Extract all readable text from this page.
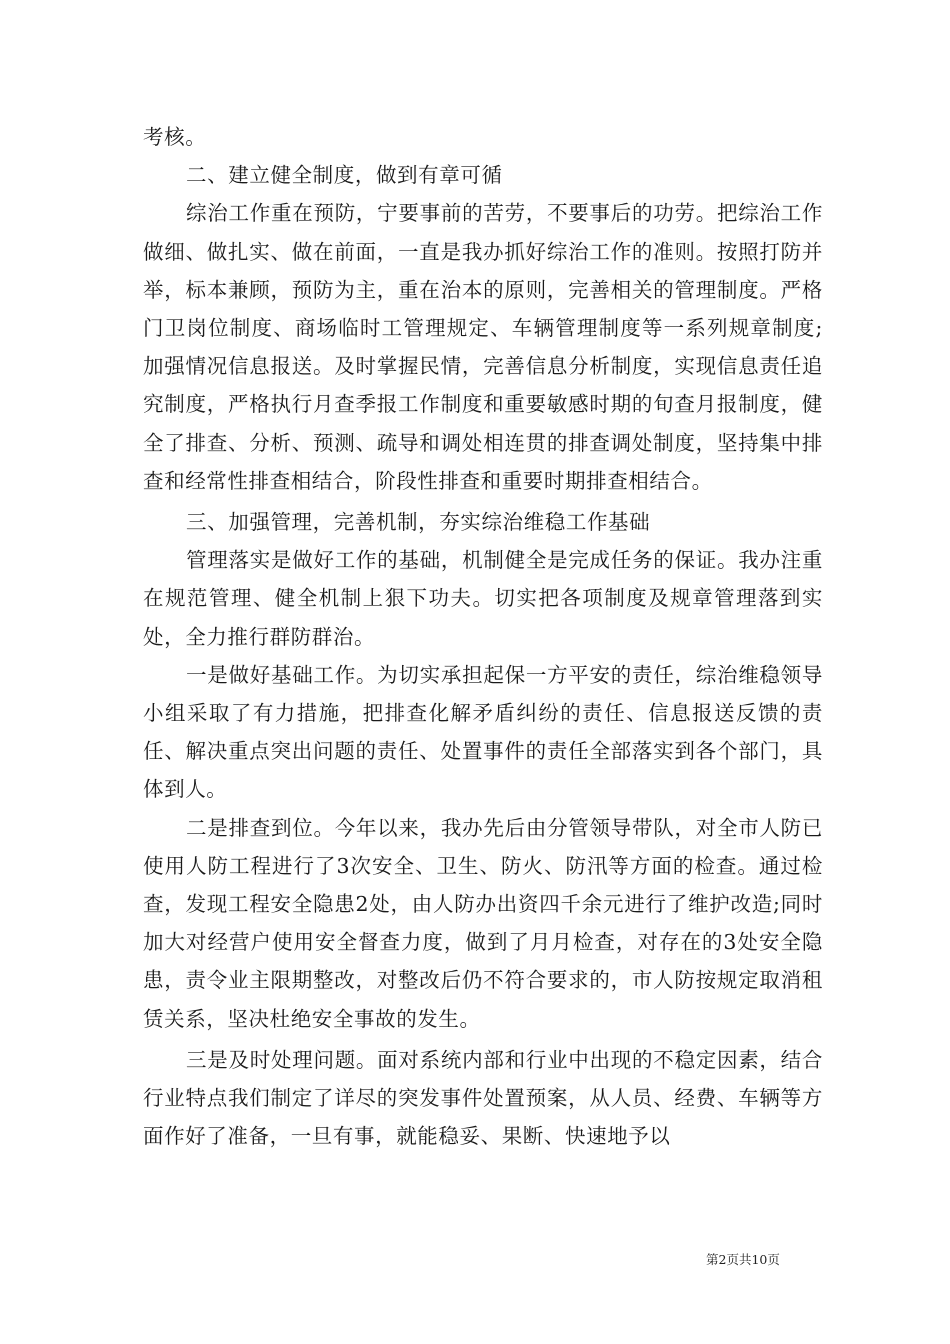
考核。

二、建立健全制度，做到有章可循

综治工作重在预防，宁要事前的苦劳，不要事后的功劳。把综治工作做细、做扎实、做在前面，一直是我办抓好综治工作的准则。按照打防并举，标本兼顾，预防为主，重在治本的原则，完善相关的管理制度。严格门卫岗位制度、商场临时工管理规定、车辆管理制度等一系列规章制度;加强情况信息报送。及时掌握民情，完善信息分析制度，实现信息责任追究制度，严格执行月查季报工作制度和重要敏感时期的旬查月报制度，健全了排查、分析、预测、疏导和调处相连贯的排查调处制度，坚持集中排查和经常性排查相结合，阶段性排查和重要时期排查相结合。

三、加强管理，完善机制，夯实综治维稳工作基础

管理落实是做好工作的基础，机制健全是完成任务的保证。我办注重在规范管理、健全机制上狠下功夫。切实把各项制度及规章管理落到实处，全力推行群防群治。

一是做好基础工作。为切实承担起保一方平安的责任，综治维稳领导小组采取了有力措施，把排查化解矛盾纠纷的责任、信息报送反馈的责任、解决重点突出问题的责任、处置事件的责任全部落实到各个部门，具体到人。

二是排查到位。今年以来，我办先后由分管领导带队，对全市人防已使用人防工程进行了3次安全、卫生、防火、防汛等方面的检查。通过检查，发现工程安全隐患2处，由人防办出资四千余元进行了维护改造;同时加大对经营户使用安全督查力度，做到了月月检查，对存在的3处安全隐患，责令业主限期整改，对整改后仍不符合要求的，市人防按规定取消租赁关系，坚决杜绝安全事故的发生。

三是及时处理问题。面对系统内部和行业中出现的不稳定因素，结合行业特点我们制定了详尽的突发事件处置预案，从人员、经费、车辆等方面作好了准备，一旦有事，就能稳妥、果断、快速地予以

第2页共10页
